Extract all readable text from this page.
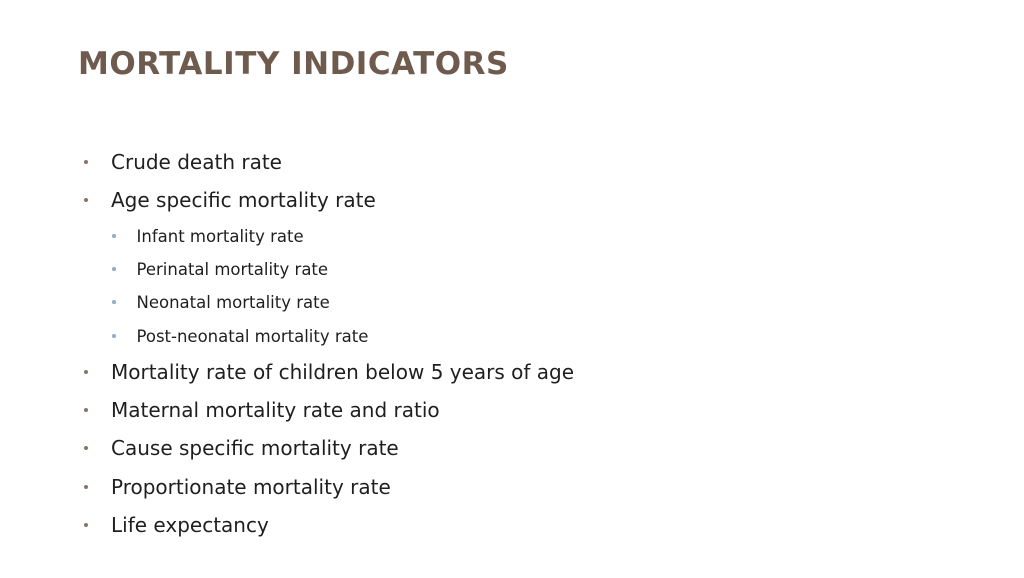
MORTALITY INDICATORS
Crude death rate
Age specific mortality rate
Infant mortality rate
Perinatal mortality rate
Neonatal mortality rate
Post-neonatal mortality rate
Mortality rate of children below 5 years of age
Maternal mortality rate and ratio
Cause specific mortality rate
Proportionate mortality rate
Life expectancy
